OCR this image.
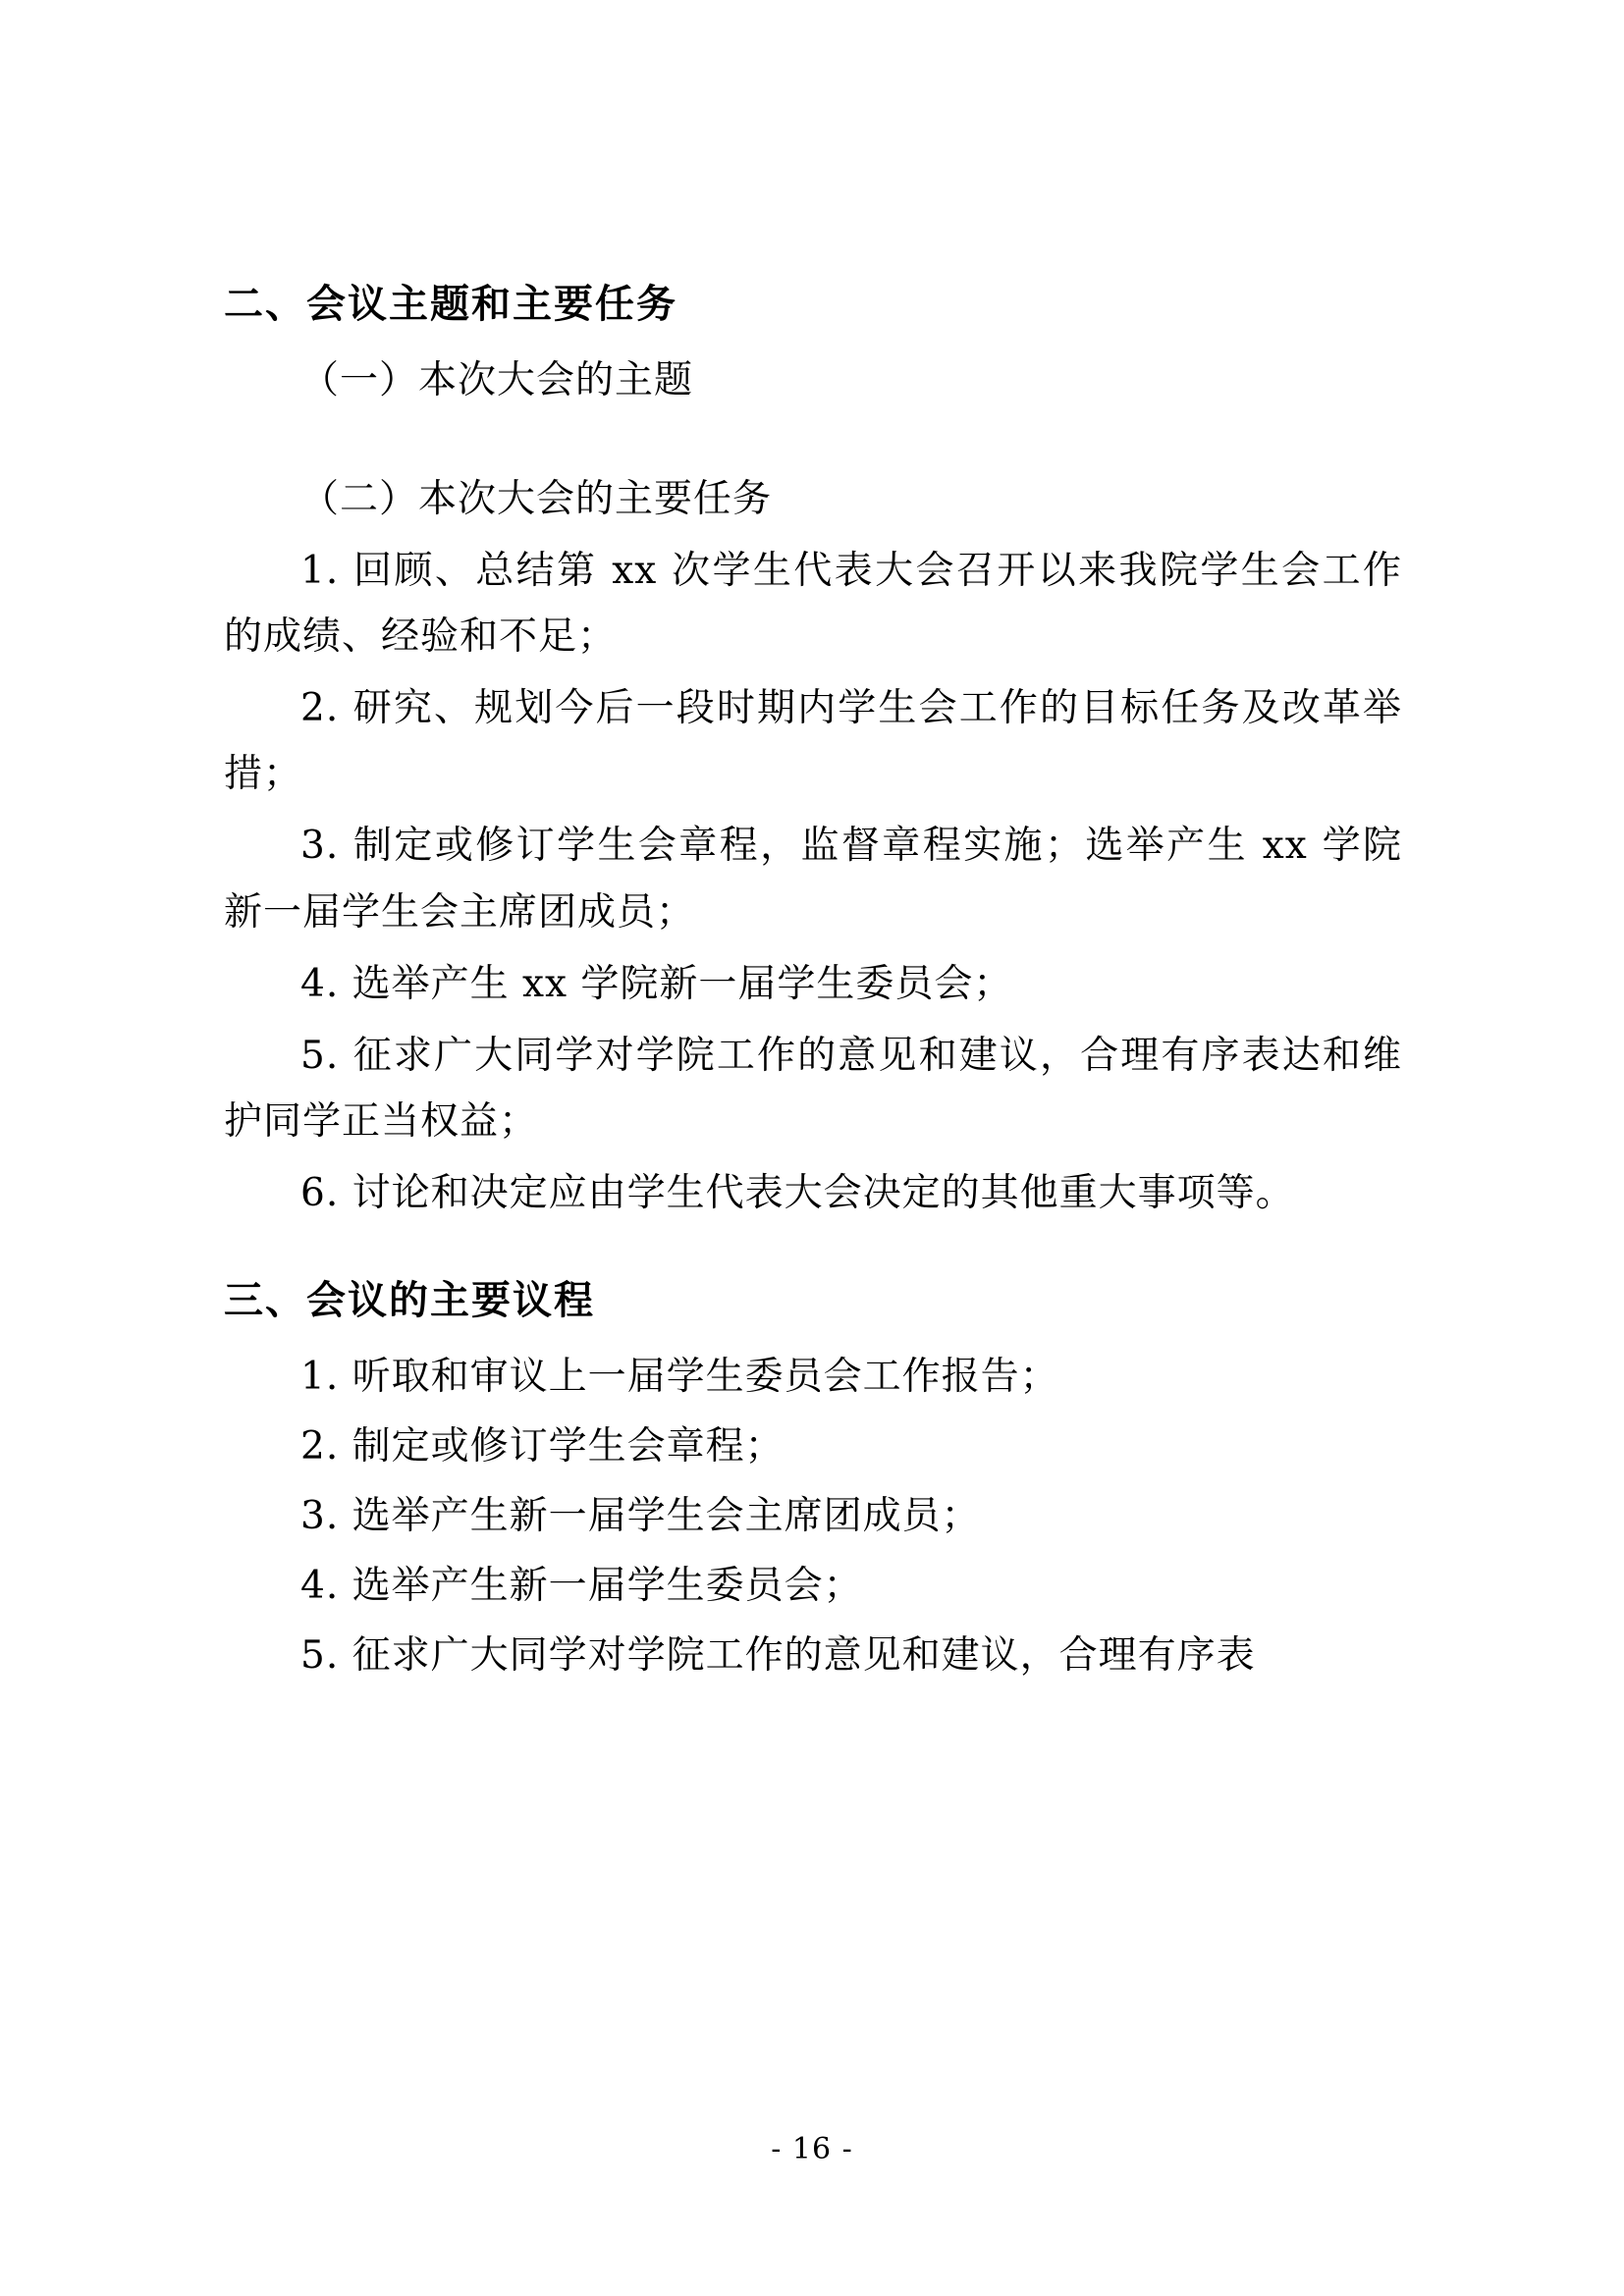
二、会议主题和主要任务

（一）本次大会的主题

（二）本次大会的主要任务

1. 回顾、总结第 xx 次学生代表大会召开以来我院学生会工作的成绩、经验和不足；

2. 研究、规划今后一段时期内学生会工作的目标任务及改革举措；

3. 制定或修订学生会章程，监督章程实施；选举产生 xx 学院新一届学生会主席团成员；

4. 选举产生 xx 学院新一届学生委员会；

5. 征求广大同学对学院工作的意见和建议，合理有序表达和维护同学正当权益；

6. 讨论和决定应由学生代表大会决定的其他重大事项等。

三、会议的主要议程

1. 听取和审议上一届学生委员会工作报告；

2. 制定或修订学生会章程；

3. 选举产生新一届学生会主席团成员；

4. 选举产生新一届学生委员会；

5. 征求广大同学对学院工作的意见和建议，合理有序表

- 16 -
